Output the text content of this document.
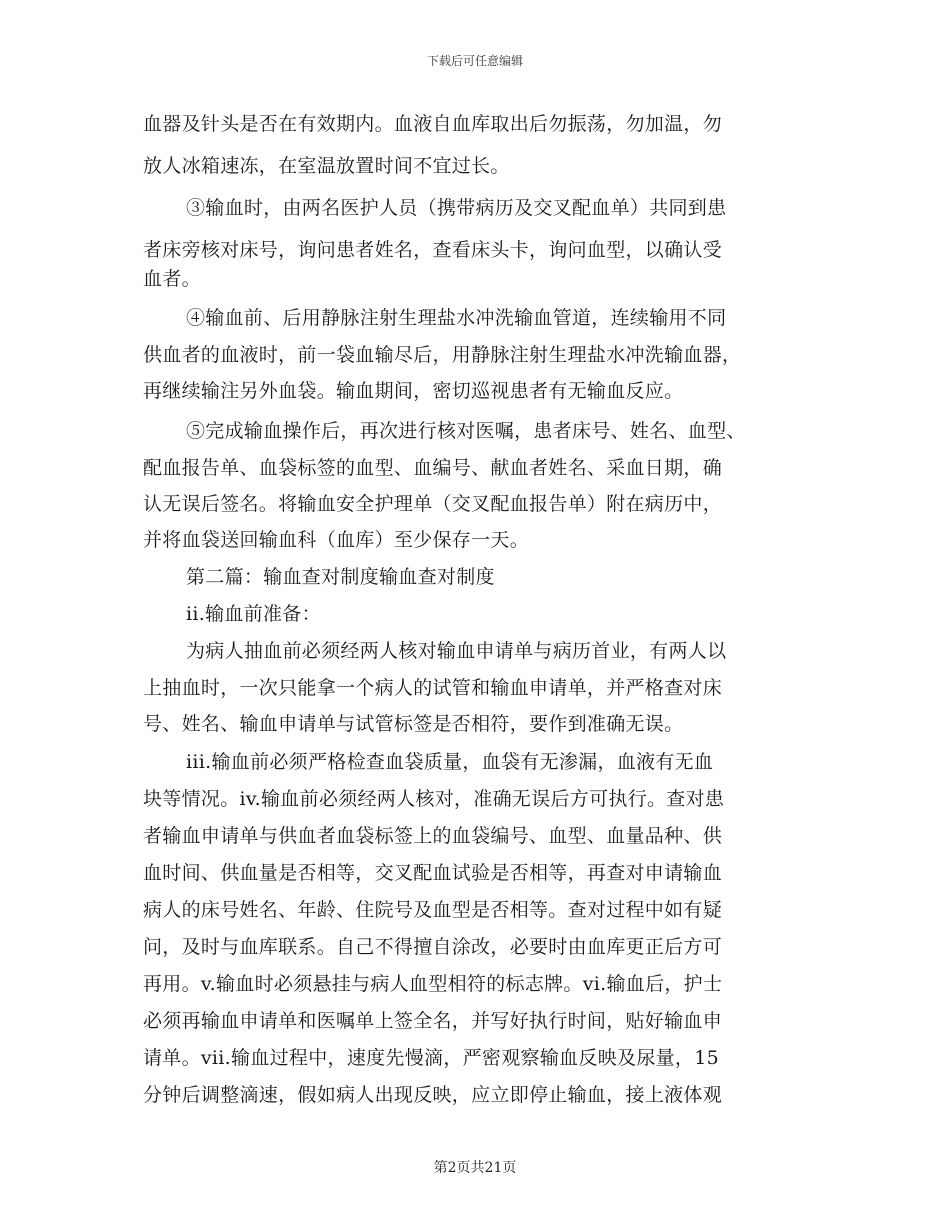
下载后可任意编辑
血器及针头是否在有效期内。血液自血库取出后勿振荡，勿加温，勿
放人冰箱速冻，在室温放置时间不宜过长。
③输血时，由两名医护人员（携带病历及交叉配血单）共同到患
者床旁核对床号，询问患者姓名，查看床头卡，询问血型，以确认受
血者。
④输血前、后用静脉注射生理盐水冲洗输血管道，连续输用不同
供血者的血液时，前一袋血输尽后，用静脉注射生理盐水冲洗输血器，
再继续输注另外血袋。输血期间，密切巡视患者有无输血反应。
⑤完成输血操作后，再次进行核对医嘱，患者床号、姓名、血型、
配血报告单、血袋标签的血型、血编号、献血者姓名、采血日期，确
认无误后签名。将输血安全护理单（交叉配血报告单）附在病历中，
并将血袋送回输血科（血库）至少保存一天。
第二篇：输血查对制度输血查对制度
ii.输血前准备：
为病人抽血前必须经两人核对输血申请单与病历首业，有两人以
上抽血时，一次只能拿一个病人的试管和输血申请单，并严格查对床
号、姓名、输血申请单与试管标签是否相符，要作到准确无误。
iii.输血前必须严格检查血袋质量，血袋有无渗漏，血液有无血
块等情况。iv.输血前必须经两人核对，准确无误后方可执行。查对患
者输血申请单与供血者血袋标签上的血袋编号、血型、血量品种、供
血时间、供血量是否相等，交叉配血试验是否相等，再查对申请输血
病人的床号姓名、年龄、住院号及血型是否相等。查对过程中如有疑
问，及时与血库联系。自己不得擅自涂改，必要时由血库更正后方可
再用。v.输血时必须悬挂与病人血型相符的标志牌。vi.输血后，护士
必须再输血申请单和医嘱单上签全名，并写好执行时间，贴好输血申
请单。vii.输血过程中，速度先慢滴，严密观察输血反映及尿量，15
分钟后调整滴速，假如病人出现反映，应立即停止输血，接上液体观
第2页共21页
